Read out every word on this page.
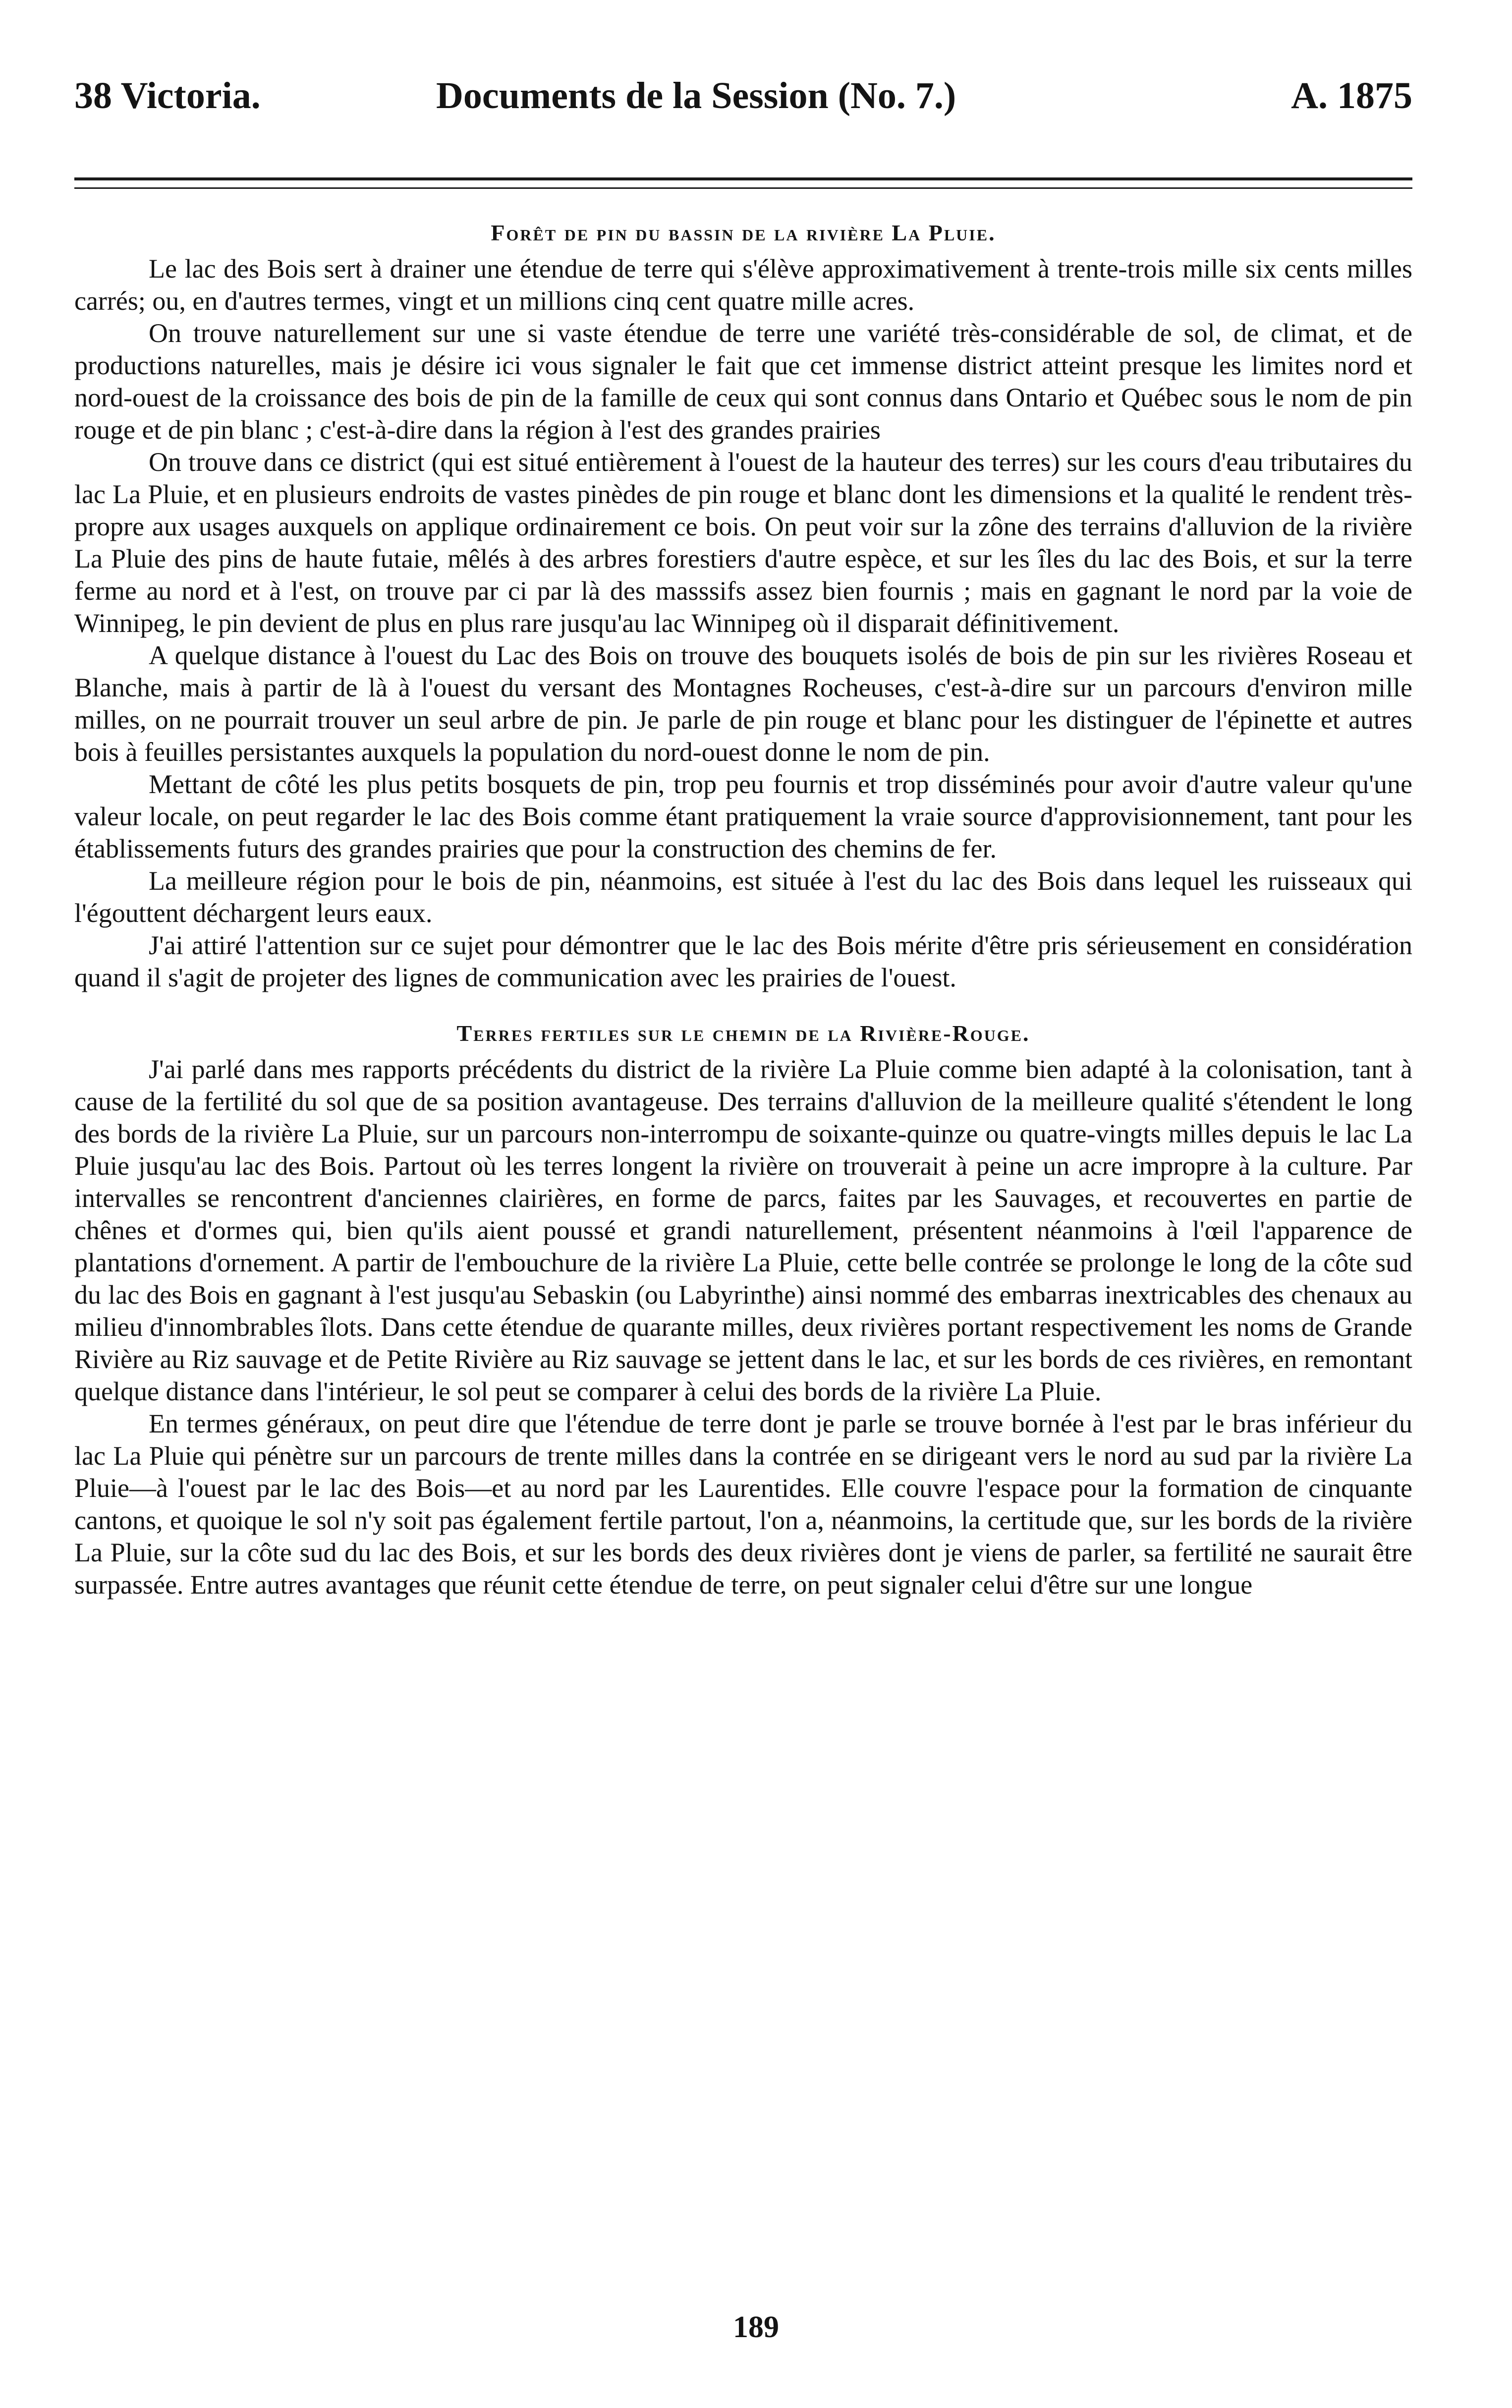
38 Victoria.	Documents de la Session (No. 7.)	A. 1875
Forêt de pin du bassin de la rivière La Pluie.

Le lac des Bois sert à drainer une étendue de terre qui s'élève approximativement à trente-trois mille six cents milles carrés; ou, en d'autres termes, vingt et un millions cinq cent quatre mille acres.

On trouve naturellement sur une si vaste étendue de terre une variété très-considérable de sol, de climat, et de productions naturelles, mais je désire ici vous signaler le fait que cet immense district atteint presque les limites nord et nord-ouest de la croissance des bois de pin de la famille de ceux qui sont connus dans Ontario et Québec sous le nom de pin rouge et de pin blanc ; c'est-à-dire dans la région à l'est des grandes prairies

On trouve dans ce district (qui est situé entièrement à l'ouest de la hauteur des terres) sur les cours d'eau tributaires du lac La Pluie, et en plusieurs endroits de vastes pinèdes de pin rouge et blanc dont les dimensions et la qualité le rendent très-propre aux usages auxquels on applique ordinairement ce bois. On peut voir sur la zône des terrains d'alluvion de la rivière La Pluie des pins de haute futaie, mêlés à des arbres forestiers d'autre espèce, et sur les îles du lac des Bois, et sur la terre ferme au nord et à l'est, on trouve par ci par là des masssifs assez bien fournis ; mais en gagnant le nord par la voie de Winnipeg, le pin devient de plus en plus rare jusqu'au lac Winnipeg où il disparait définitivement.

A quelque distance à l'ouest du Lac des Bois on trouve des bouquets isolés de bois de pin sur les rivières Roseau et Blanche, mais à partir de là à l'ouest du versant des Montagnes Rocheuses, c'est-à-dire sur un parcours d'environ mille milles, on ne pourrait trouver un seul arbre de pin. Je parle de pin rouge et blanc pour les distinguer de l'épinette et autres bois à feuilles persistantes auxquels la population du nord-ouest donne le nom de pin.

Mettant de côté les plus petits bosquets de pin, trop peu fournis et trop disséminés pour avoir d'autre valeur qu'une valeur locale, on peut regarder le lac des Bois comme étant pratiquement la vraie source d'approvisionnement, tant pour les établissements futurs des grandes prairies que pour la construction des chemins de fer.

La meilleure région pour le bois de pin, néanmoins, est située à l'est du lac des Bois dans lequel les ruisseaux qui l'égouttent déchargent leurs eaux.

J'ai attiré l'attention sur ce sujet pour démontrer que le lac des Bois mérite d'être pris sérieusement en considération quand il s'agit de projeter des lignes de communication avec les prairies de l'ouest.

Terres fertiles sur le chemin de la Rivière-Rouge.

J'ai parlé dans mes rapports précédents du district de la rivière La Pluie comme bien adapté à la colonisation, tant à cause de la fertilité du sol que de sa position avantageuse. Des terrains d'alluvion de la meilleure qualité s'étendent le long des bords de la rivière La Pluie, sur un parcours non-interrompu de soixante-quinze ou quatre-vingts milles depuis le lac La Pluie jusqu'au lac des Bois. Partout où les terres longent la rivière on trouverait à peine un acre impropre à la culture. Par intervalles se rencontrent d'anciennes clairières, en forme de parcs, faites par les Sauvages, et recouvertes en partie de chênes et d'ormes qui, bien qu'ils aient poussé et grandi naturellement, présentent néanmoins à l'œil l'apparence de plantations d'ornement. A partir de l'embouchure de la rivière La Pluie, cette belle contrée se prolonge le long de la côte sud du lac des Bois en gagnant à l'est jusqu'au Sebaskin (ou Labyrinthe) ainsi nommé des embarras inextricables des chenaux au milieu d'innombrables îlots. Dans cette étendue de quarante milles, deux rivières portant respectivement les noms de Grande Rivière au Riz sauvage et de Petite Rivière au Riz sauvage se jettent dans le lac, et sur les bords de ces rivières, en remontant quelque distance dans l'intérieur, le sol peut se comparer à celui des bords de la rivière La Pluie.

En termes généraux, on peut dire que l'étendue de terre dont je parle se trouve bornée à l'est par le bras inférieur du lac La Pluie qui pénètre sur un parcours de trente milles dans la contrée en se dirigeant vers le nord au sud par la rivière La Pluie—à l'ouest par le lac des Bois—et au nord par les Laurentides. Elle couvre l'espace pour la formation de cinquante cantons, et quoique le sol n'y soit pas également fertile partout, l'on a, néanmoins, la certitude que, sur les bords de la rivière La Pluie, sur la côte sud du lac des Bois, et sur les bords des deux rivières dont je viens de parler, sa fertilité ne saurait être surpassée. Entre autres avantages que réunit cette étendue de terre, on peut signaler celui d'être sur une longue

189
